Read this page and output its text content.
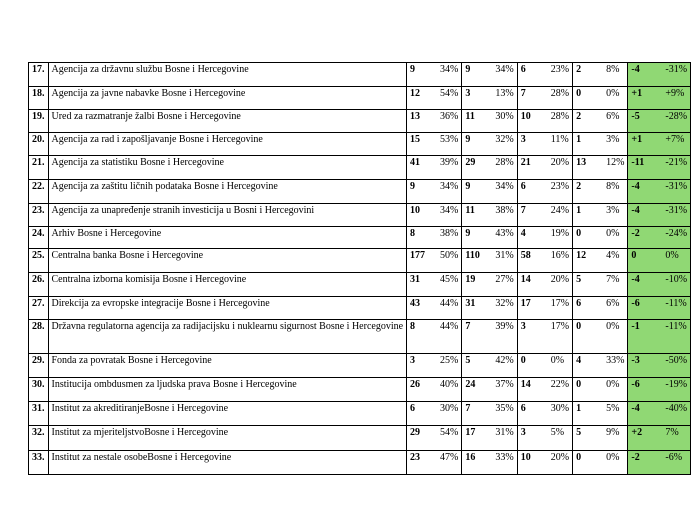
17.	Agencija za državnu službu Bosne i Hercegovine	9 34%	9 34%	6 23%	2 8%	-4 -31%

18.	Agencija za javne nabavke Bosne i Hercegovine	12 54%	3 13%	7 28%	0 0%	+1 +9%

19.	Ured za razmatranje žalbi Bosne i Hercegovine	13 36%	11 30%	10 28%	2 6%	-5 -28%

20.	Agencija za rad i zapošljavanje Bosne i Hercegovine	15 53%	9 32%	3 11%	1 3%	+1 +7%

21.	Agencija za statistiku Bosne i Hercegovine	41 39%	29 28%	21 20%	13 12%	-11 -21%

22.	Agencija za zaštitu ličnih podataka Bosne i Hercegovine	9 34%	9 34%	6 23%	2 8%	-4 -31%

23.	Agencija za unapređenje stranih investicija u Bosni i Hercegovini	10 34%	11 38%	7 24%	1 3%	-4 -31%

24.	Arhiv Bosne i Hercegovine	8 38%	9 43%	4 19%	0 0%	-2 -24%

25.	Centralna banka Bosne i Hercegovine	177 50%	110 31%	58 16%	12 4%	0 0%

26.	Centralna izborna komisija Bosne i Hercegovine	31 45%	19 27%	14 20%	5 7%	-4 -10%

27.	Direkcija za evropske integracije Bosne i Hercegovine	43 44%	31 32%	17 17%	6 6%	-6 -11%

28.	Državna regulatorna agencija za radijacijsku i nuklearnu sigurnost Bosne i Hercegovine	8 44%	7 39%	3 17%	0 0%	-1 -11%

29.	Fonda za povratak Bosne i Hercegovine	3 25%	5 42%	0 0%	4 33%	-3 -50%

30.	Institucija ombdusmen za ljudska prava Bosne i Hercegovine	26 40%	24 37%	14 22%	0 0%	-6 -19%

31.	Institut za akreditiranjeBosne i Hercegovine	6 30%	7 35%	6 30%	1 5%	-4 -40%

32.	Institut za mjeriteljstvoBosne i Hercegovine	29 54%	17 31%	3 5%	5 9%	+2 7%

33.	Institut za nestale osobeBosne i Hercegovine	23 47%	16 33%	10 20%	0 0%	-2 -6%
